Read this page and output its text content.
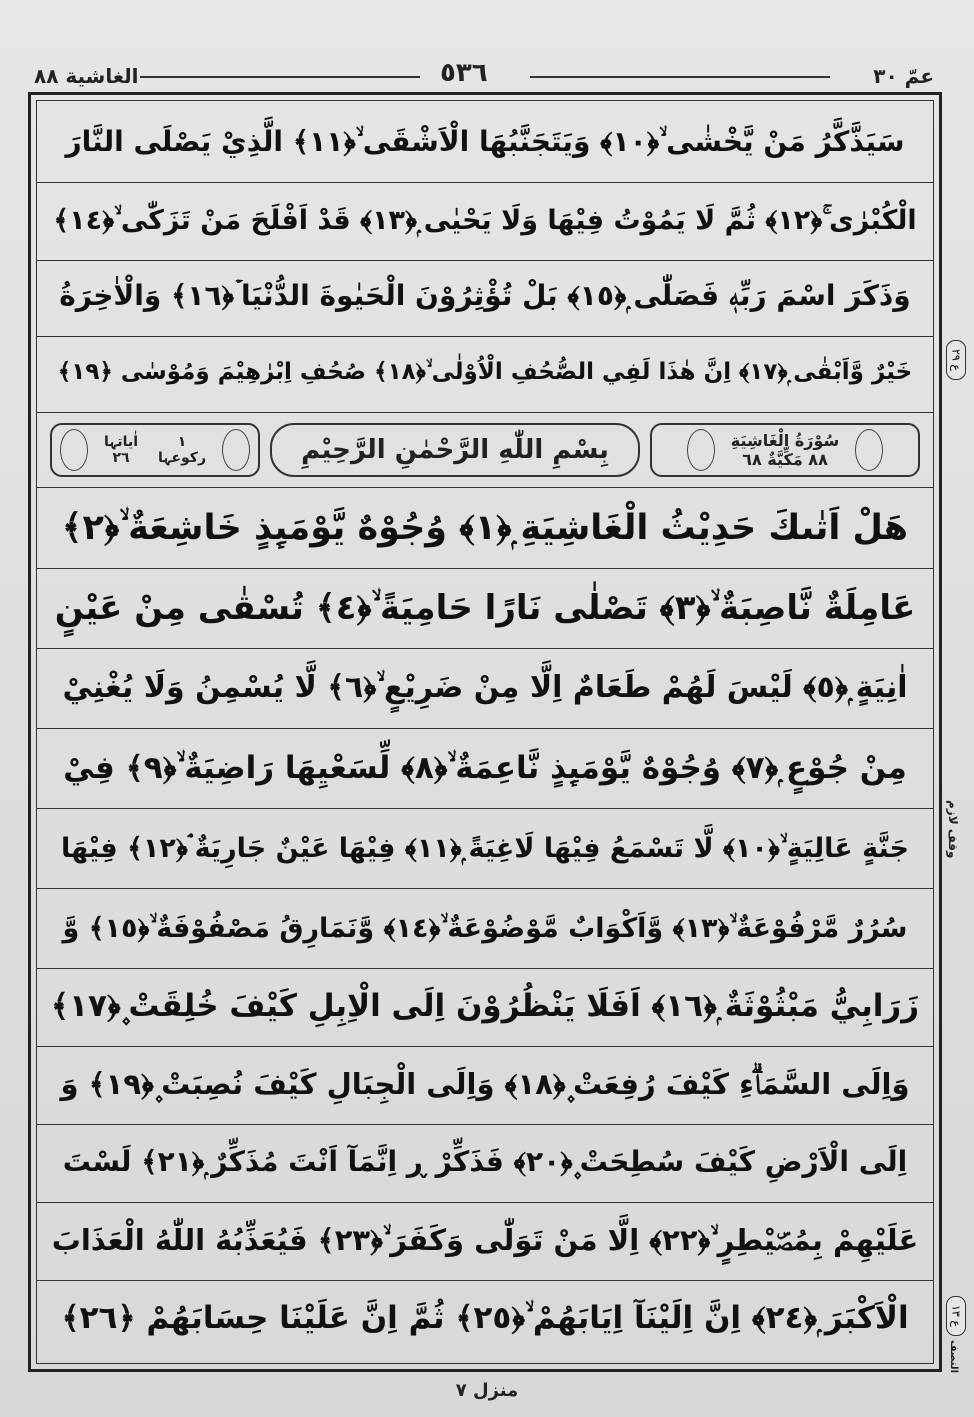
الغاشية ٨٨	٥٣٦	عمّ ٣٠
سَيَذَّكَّرُ مَنْ يَّخْشٰى ۙ﴿١٠﴾ وَيَتَجَنَّبُهَا الْاَشْقَى ۙ﴿١١﴾ الَّذِيْ يَصْلَى النَّارَ
الْكُبْرٰى ۚ﴿١٢﴾ ثُمَّ لَا يَمُوْتُ فِيْهَا وَلَا يَحْيٰى ۭ﴿١٣﴾ قَدْ اَفْلَحَ مَنْ تَزَكّٰى ۙ﴿١٤﴾
وَذَكَرَ اسْمَ رَبِّهٖ فَصَلّٰى ۭ﴿١٥﴾ بَلْ تُؤْثِرُوْنَ الْحَيٰوةَ الدُّنْيَا ۡ﴿١٦﴾ وَالْاٰخِرَةُ
خَيْرٌ وَّاَبْقٰى ۭ﴿١٧﴾ اِنَّ هٰذَا لَفِي الصُّحُفِ الْاُوْلٰى ۙ﴿١٨﴾ صُحُفِ اِبْرٰهِيْمَ وَمُوْسٰى ﴿١٩﴾
اٰیاتہا
٢٦
١
رکوعہا	بِسْمِ اللّٰهِ الرَّحْمٰنِ الرَّحِيْمِ	سُوْرَةُ الْغَاشِيَةِ
٨٨ مَكِّيَّةٌ ٦٨
هَلْ اَتٰىكَ حَدِيْثُ الْغَاشِيَةِ ۭ﴿١﴾ وُجُوْهٌ يَّوْمَىِٕذٍ خَاشِعَةٌ ۙ﴿٢﴾
عَامِلَةٌ نَّاصِبَةٌ ۙ﴿٣﴾ تَصْلٰى نَارًا حَامِيَةً ۙ﴿٤﴾ تُسْقٰى مِنْ عَيْنٍ
اٰنِيَةٍ ۭ﴿٥﴾ لَيْسَ لَهُمْ طَعَامٌ اِلَّا مِنْ ضَرِيْعٍ ۙ﴿٦﴾ لَّا يُسْمِنُ وَلَا يُغْنِيْ
مِنْ جُوْعٍ ۭ﴿٧﴾ وُجُوْهٌ يَّوْمَىِٕذٍ نَّاعِمَةٌ ۙ﴿٨﴾ لِّسَعْيِهَا رَاضِيَةٌ ۙ﴿٩﴾ فِيْ
جَنَّةٍ عَالِيَةٍ ۙ﴿١٠﴾ لَّا تَسْمَعُ فِيْهَا لَاغِيَةً ۭ﴿١١﴾ فِيْهَا عَيْنٌ جَارِيَةٌ ۘ﴿١٢﴾ فِيْهَا
سُرُرٌ مَّرْفُوْعَةٌ ۙ﴿١٣﴾ وَّاَكْوَابٌ مَّوْضُوْعَةٌ ۙ﴿١٤﴾ وَّنَمَارِقُ مَصْفُوْفَةٌ ۙ﴿١٥﴾ وَّ
زَرَابِيُّ مَبْثُوْثَةٌ ۭ﴿١٦﴾ اَفَلَا يَنْظُرُوْنَ اِلَى الْاِبِلِ كَيْفَ خُلِقَتْ ۪﴿١٧﴾
وَاِلَى السَّمَاۗءِ كَيْفَ رُفِعَتْ ۪﴿١٨﴾ وَاِلَى الْجِبَالِ كَيْفَ نُصِبَتْ ۪﴿١٩﴾ وَ
اِلَى الْاَرْضِ كَيْفَ سُطِحَتْ ۪﴿٢٠﴾ فَذَكِّرْ ڕ اِنَّمَآ اَنْتَ مُذَكِّرٌ ۭ﴿٢١﴾ لَسْتَ
عَلَيْهِمْ بِمُصَۜيْطِرٍ ۙ﴿٢٢﴾ اِلَّا مَنْ تَوَلّٰى وَكَفَرَ ۙ﴿٢٣﴾ فَيُعَذِّبُهُ اللّٰهُ الْعَذَابَ
الْاَكْبَرَ ۭ﴿٢٤﴾ اِنَّ اِلَيْنَآ اِيَابَهُمْ ۙ﴿٢٥﴾ ثُمَّ اِنَّ عَلَيْنَا حِسَابَهُمْ ﴿٢٦﴾
ع ٢٩
وقف لازم
ع ١٣
النصف
منزل ٧
